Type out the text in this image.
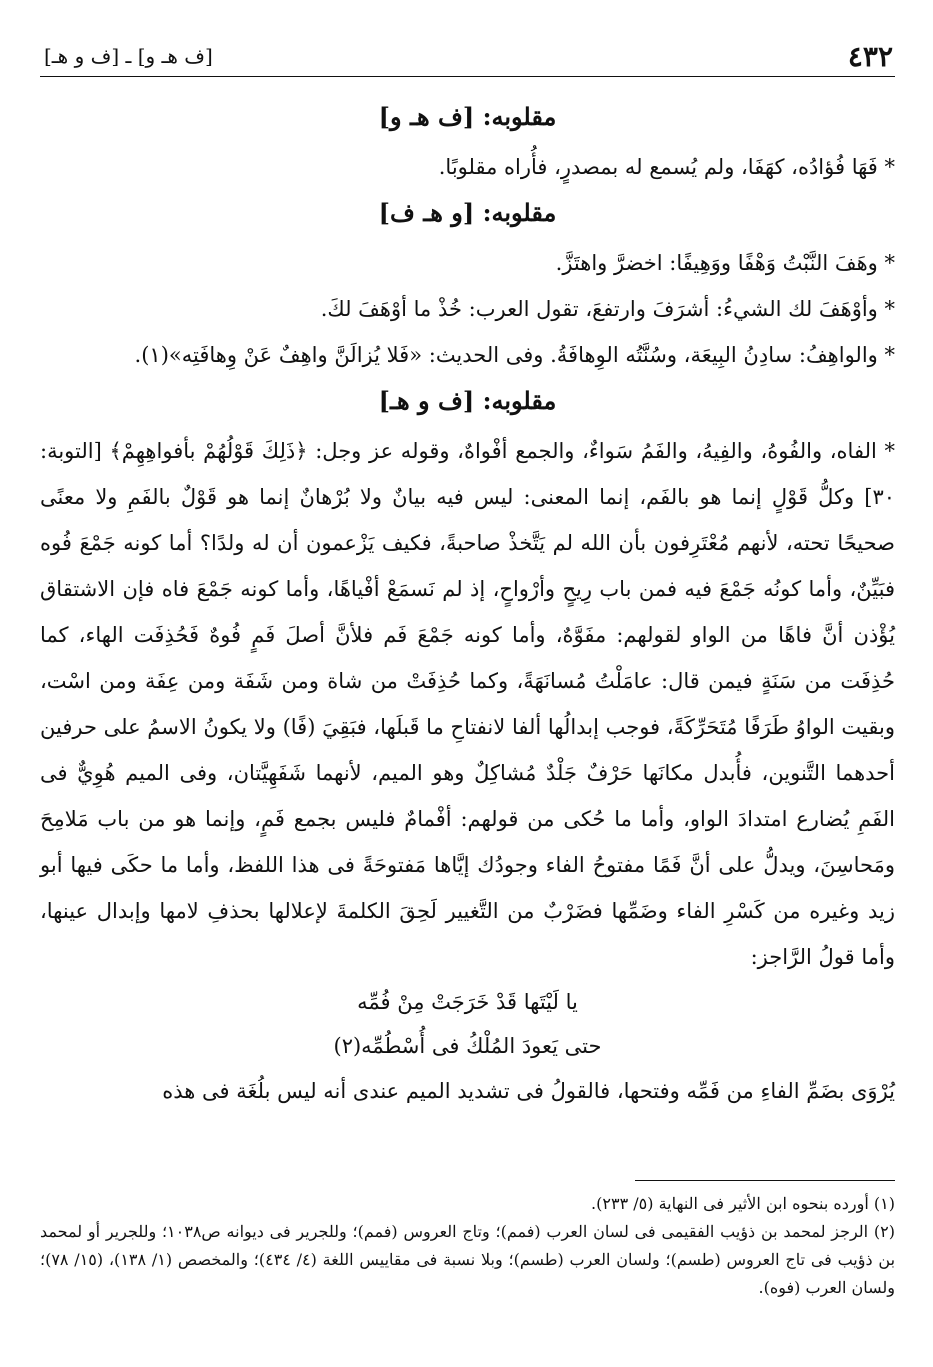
٤٣٢
[ف هـ و] ـ [ف و هـ]
مقلوبه: [ف هـ و]

* فَهَا فُؤادُه، كهَفَا، ولم يُسمع له بمصدرٍ، فأُراه مقلوبًا.

مقلوبه: [و هـ ف]

* وهَفَ النَّبْتُ وَهْفًا ووَهِيفًا: اخضرَّ واهتَزَّ.

* وأوْهَفَ لك الشيءُ: أشرَفَ وارتفعَ، تقول العرب: خُذْ ما أوْهَفَ لكَ.

* والواهِفُ: سادِنُ البِيعَة، وسُنَّتُه الوِهافَةُ. وفى الحديث: «فَلا يُزالَنَّ واهِفٌ عَنْ وِهافَتِه»(١).

مقلوبه: [ف و هـ]

* الفاه، والفُوهُ، والفِيهُ، والفَمُ سَواءٌ، والجمع أفْواهٌ، وقوله عز وجل: ﴿ذَلِكَ قَوْلُهُمْ بأفواهِهِمْ﴾ [التوبة: ٣٠] وكلُّ قَوْلٍ إنما هو بالفَم، إنما المعنى: ليس فيه بيانٌ ولا بُرْهانٌ إنما هو قَوْلٌ بالفَمِ ولا معنًى صحيحًا تحته، لأنهم مُعْتَرِفون بأن الله لم يَتَّخذْ صاحبةً، فكيف يَزْعمون أن له ولدًا؟ أما كونه جَمْعَ فُوه فبَيِّنٌ، وأما كونُه جَمْعَ فيه فمن باب رِيحٍ وأرْواحٍ، إذ لم نَسمَعْ أفْياهًا، وأما كونه جَمْعَ فاه فإن الاشتقاق يُؤْذن أنَّ فاهًا من الواو لقولهم: مفَوَّهٌ، وأما كونه جَمْعَ فَم فلأنَّ أصلَ فَمٍ فُوهٌ فَحُذِفَت الهاء، كما حُذِفَت من سَنَةٍ فيمن قال: عامَلْتُ مُسانَهَةً، وكما حُذِفَتْ من شاة ومن شَفَة ومن عِفَة ومن اسْت، وبقيت الواوُ طَرَفًا مُتَحَرِّكَةً، فوجب إبدالُها ألفا لانفتاحِ ما قَبلَها، فبَقِيَ (فًا) ولا يكونُ الاسمُ على حرفين أحدهما التَّنوين، فأُبدل مكانَها حَرْفٌ جَلْدٌ مُشاكِلٌ وهو الميم، لأنهما شَفَهِيَّتان، وفى الميم هُوِيٌّ فى الفَمِ يُضارع امتدادَ الواو، وأما ما حُكى من قولهم: أفْمامٌ فليس بجمع فَمٍ، وإنما هو من باب مَلامِحَ ومَحاسِنَ، ويدلُّ على أنَّ فَمًا مفتوحُ الفاء وجودُك إيَّاها مَفتوحَةً فى هذا اللفظ، وأما ما حكَى فيها أبو زيد وغيره من كَسْرِ الفاء وضَمِّها فضَرْبٌ من التَّغيير لَحِقَ الكلمةَ لإعلالها بحذفِ لامها وإبدال عينها، وأما قولُ الرَّاجز:

يا لَيْتَها قَدْ خَرَجَتْ مِنْ فُمِّه

حتى يَعودَ المُلْكُ فى أُسْطُمِّه(٢)

يُرْوَى بضَمِّ الفاءِ من فَمِّه وفتحها، فالقولُ فى تشديد الميم عندى أنه ليس بلُغَة فى هذه

(١) أورده بنحوه ابن الأثير فى النهاية (٥/ ٢٣٣).

(٢) الرجز لمحمد بن ذؤيب الفقيمى فى لسان العرب (فمم)؛ وتاج العروس (فمم)؛ وللجرير فى ديوانه ص١٠٣٨؛ وللجرير أو لمحمد بن ذؤيب فى تاج العروس (طسم)؛ ولسان العرب (طسم)؛ وبلا نسبة فى مقاييس اللغة (٤/ ٤٣٤)؛ والمخصص (١/ ١٣٨)، (١٥/ ٧٨)؛ ولسان العرب (فوه).
